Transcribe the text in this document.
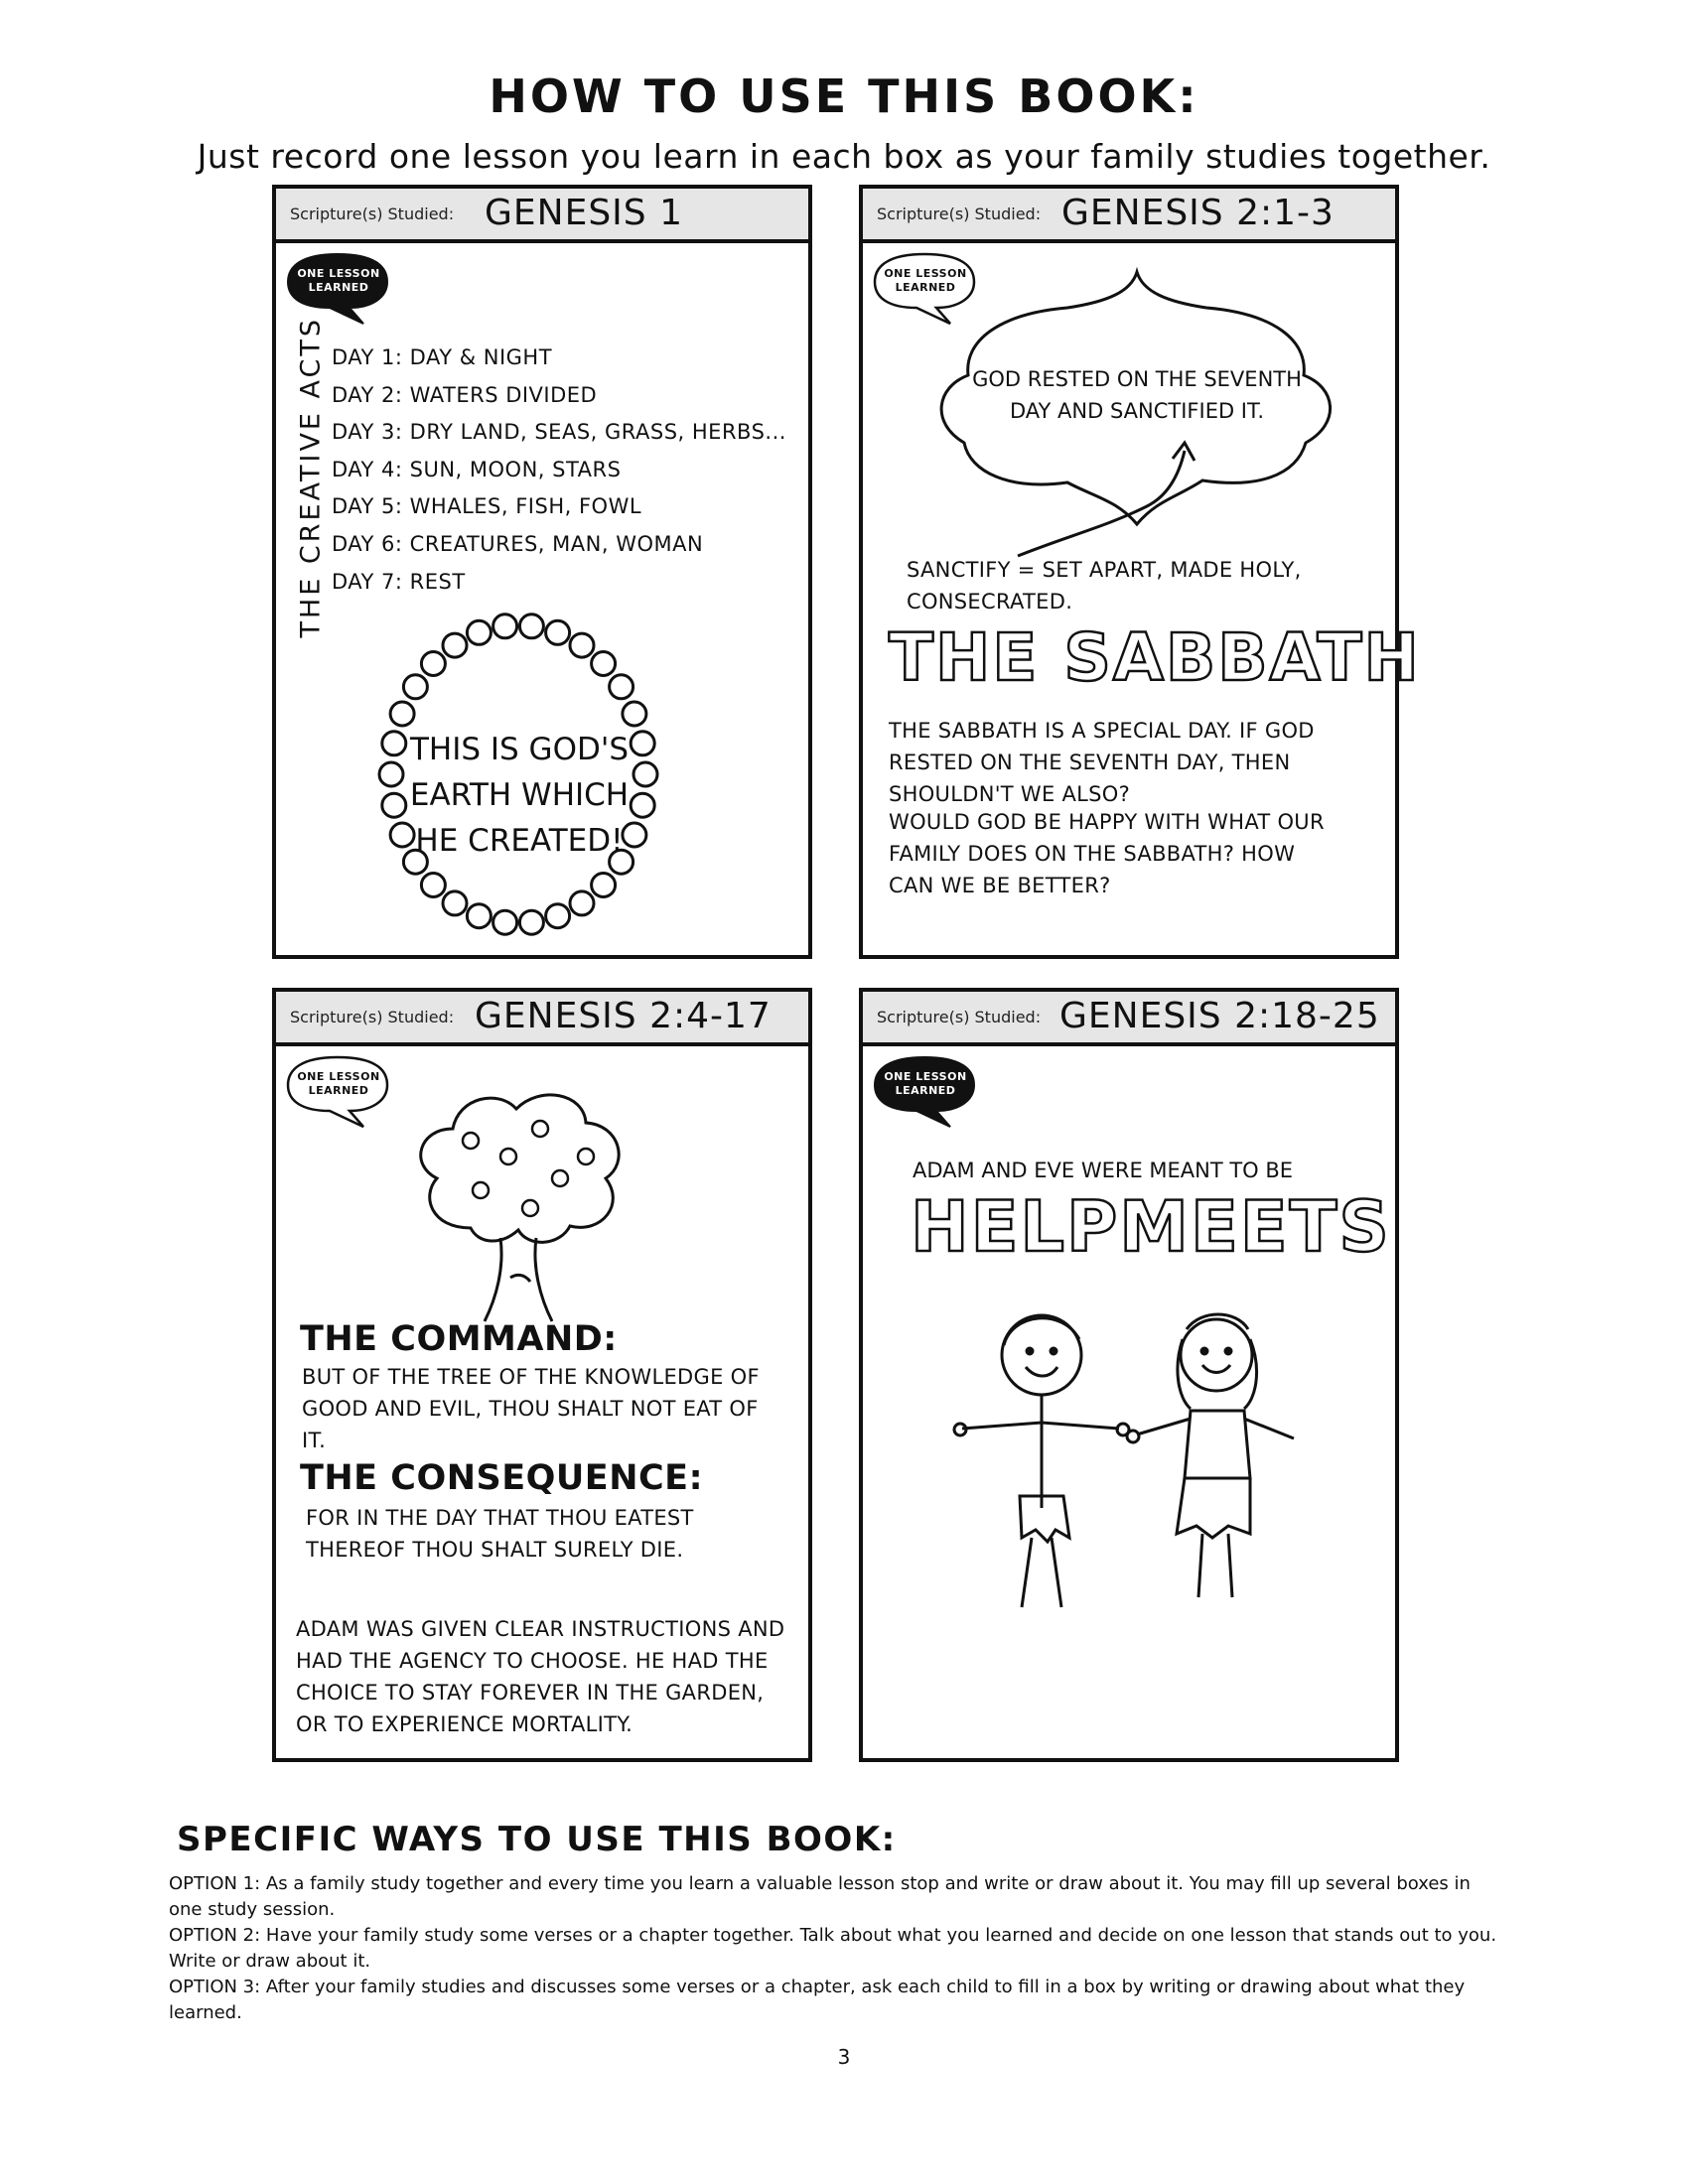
HOW TO USE THIS BOOK:

Just record one lesson you learn in each box as your family studies together.

Scripture(s) Studied: GENESIS 1
ONE LESSON LEARNED
THE CREATIVE ACTS DAY 1: DAY & NIGHT
DAY 2: WATERS DIVIDED
DAY 3: DRY LAND, SEAS, GRASS, HERBS...
DAY 4: SUN, MOON, STARS
DAY 5: WHALES, FISH, FOWL
DAY 6: CREATURES, MAN, WOMAN
DAY 7: REST
THIS IS GOD'S
EARTH WHICH
HE CREATED!
Scripture(s) Studied: GENESIS 2:1-3
ONE LESSON LEARNED
GOD RESTED ON THE SEVENTH
DAY AND SANCTIFIED IT.
SANCTIFY = SET APART, MADE HOLY,
CONSECRATED.
THE SABBATH
THE SABBATH IS A SPECIAL DAY. IF GOD
RESTED ON THE SEVENTH DAY, THEN
SHOULDN'T WE ALSO?
WOULD GOD BE HAPPY WITH WHAT OUR
FAMILY DOES ON THE SABBATH? HOW
CAN WE BE BETTER?
Scripture(s) Studied: GENESIS 2:4-17
ONE LESSON LEARNED
THE COMMAND:
BUT OF THE TREE OF THE KNOWLEDGE OF
GOOD AND EVIL, THOU SHALT NOT EAT OF
IT.
THE CONSEQUENCE:
FOR IN THE DAY THAT THOU EATEST
THEREOF THOU SHALT SURELY DIE.
ADAM WAS GIVEN CLEAR INSTRUCTIONS AND
HAD THE AGENCY TO CHOOSE. HE HAD THE
CHOICE TO STAY FOREVER IN THE GARDEN,
OR TO EXPERIENCE MORTALITY.
Scripture(s) Studied: GENESIS 2:18-25
ONE LESSON LEARNED
ADAM AND EVE WERE MEANT TO BE
HELPMEETS
SPECIFIC WAYS TO USE THIS BOOK:
OPTION 1: As a family study together and every time you learn a valuable lesson stop and write or draw about it. You may fill up several boxes in one study session.
OPTION 2: Have your family study some verses or a chapter together. Talk about what you learned and decide on one lesson that stands out to you. Write or draw about it.
OPTION 3: After your family studies and discusses some verses or a chapter, ask each child to fill in a box by writing or drawing about what they learned.
3
